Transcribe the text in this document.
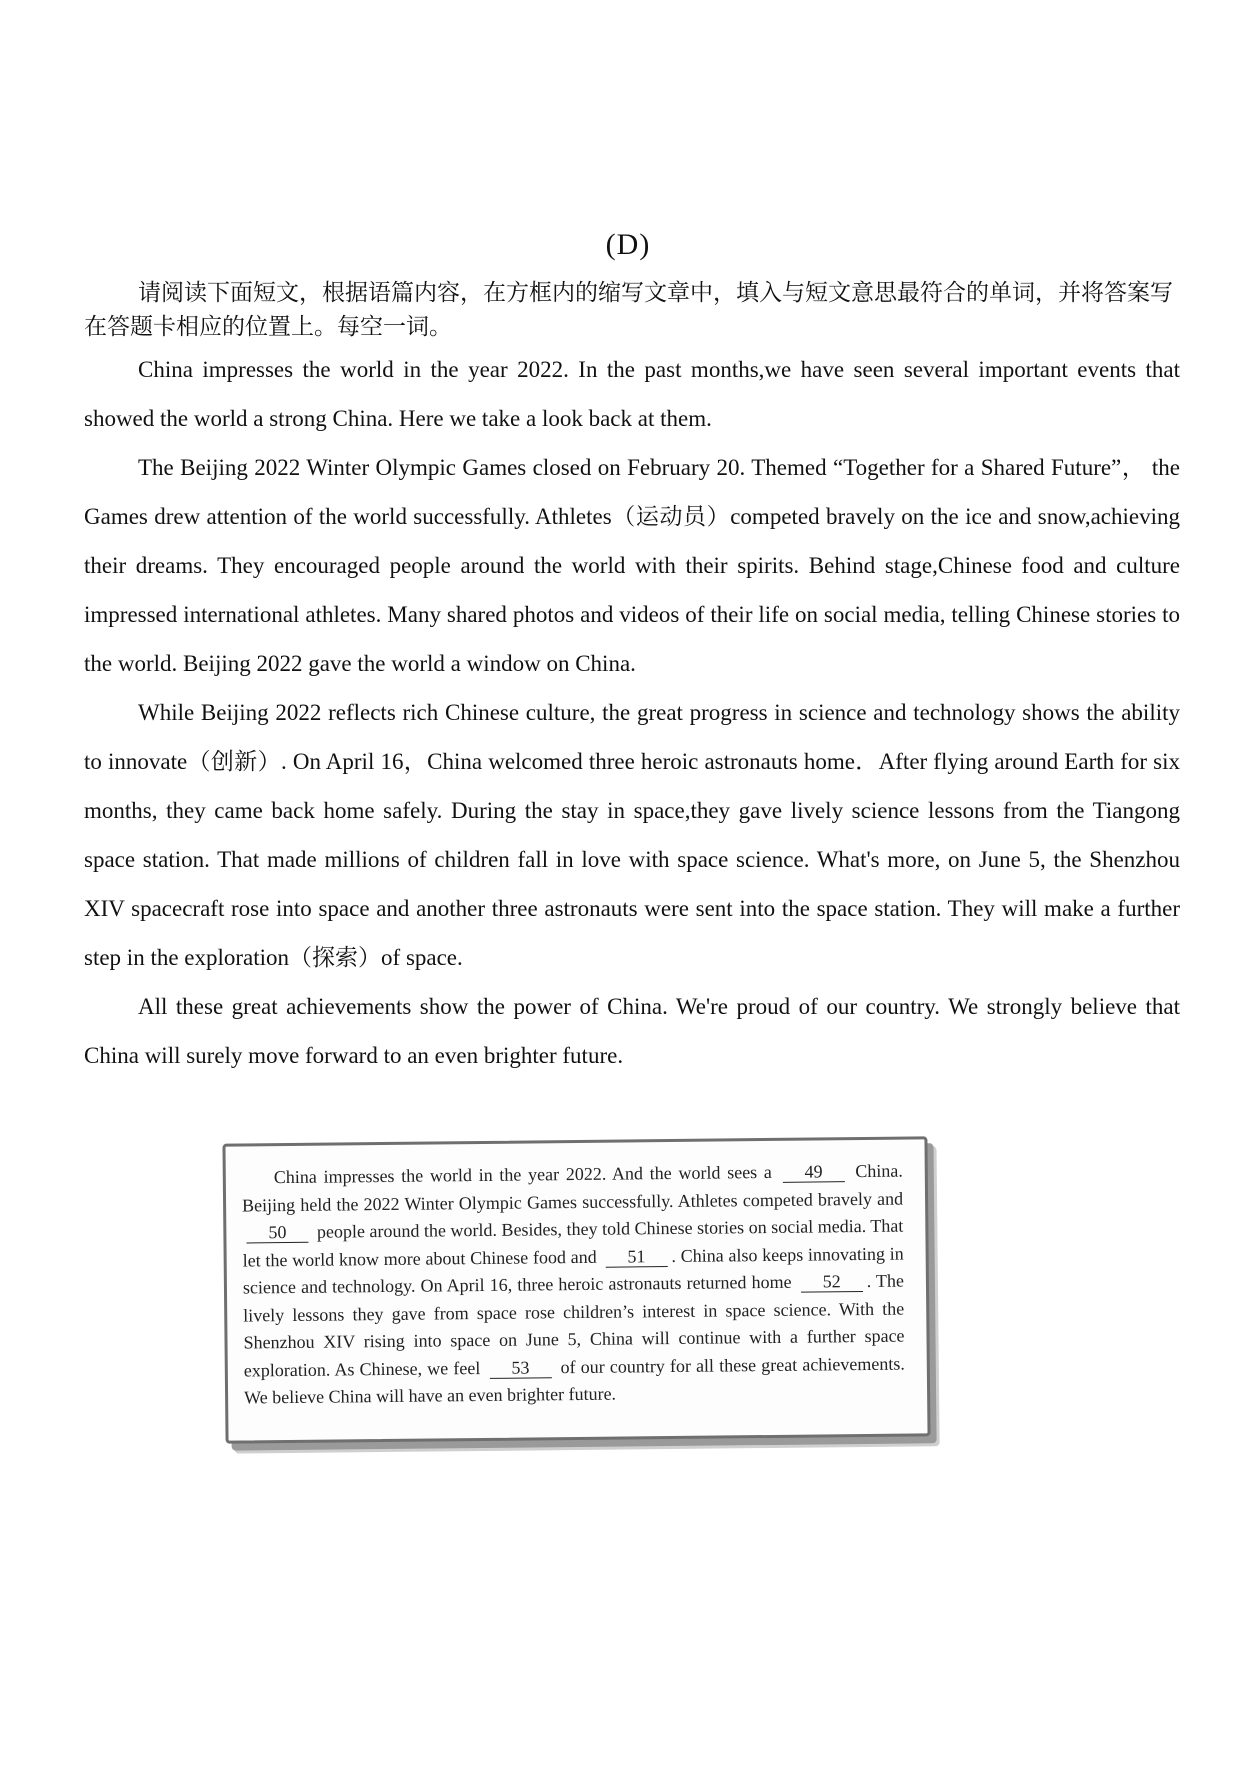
(D)
请阅读下面短文，根据语篇内容，在方框内的缩写文章中，填入与短文意思最符合的单词，并将答案写在答题卡相应的位置上。每空一词。

China impresses the world in the year 2022. In the past months,we have seen several important events that showed the world a strong China. Here we take a look back at them.

The Beijing 2022 Winter Olympic Games closed on February 20. Themed “Together for a Shared Future”， the Games drew attention of the world successfully. Athletes（运动员）competed bravely on the ice and snow,achieving their dreams. They encouraged people around the world with their spirits. Behind stage,Chinese food and culture impressed international athletes. Many shared photos and videos of their life on social media, telling Chinese stories to the world. Beijing 2022 gave the world a window on China.

While Beijing 2022 reflects rich Chinese culture, the great progress in science and technology shows the ability to innovate（创新）. On April 16，China welcomed three heroic astronauts home．After flying around Earth for six months, they came back home safely. During the stay in space,they gave lively science lessons from the Tiangong space station. That made millions of children fall in love with space science. What's more, on June 5, the Shenzhou XIV spacecraft rose into space and another three astronauts were sent into the space station. They will make a further step in the exploration（探索）of space.

All these great achievements show the power of China. We're proud of our country. We strongly believe that China will surely move forward to an even brighter future.

China impresses the world in the year 2022. And the world sees a 49 China. Beijing held the 2022 Winter Olympic Games successfully. Athletes competed bravely and 50 people around the world. Besides, they told Chinese stories on social media. That let the world know more about Chinese food and 51 . China also keeps innovating in science and technology. On April 16, three heroic astronauts returned home 52 . The lively lessons they gave from space rose children’s interest in space science. With the Shenzhou XIV rising into space on June 5, China will continue with a further space exploration. As Chinese, we feel 53 of our country for all these great achievements. We believe China will have an even brighter future.
